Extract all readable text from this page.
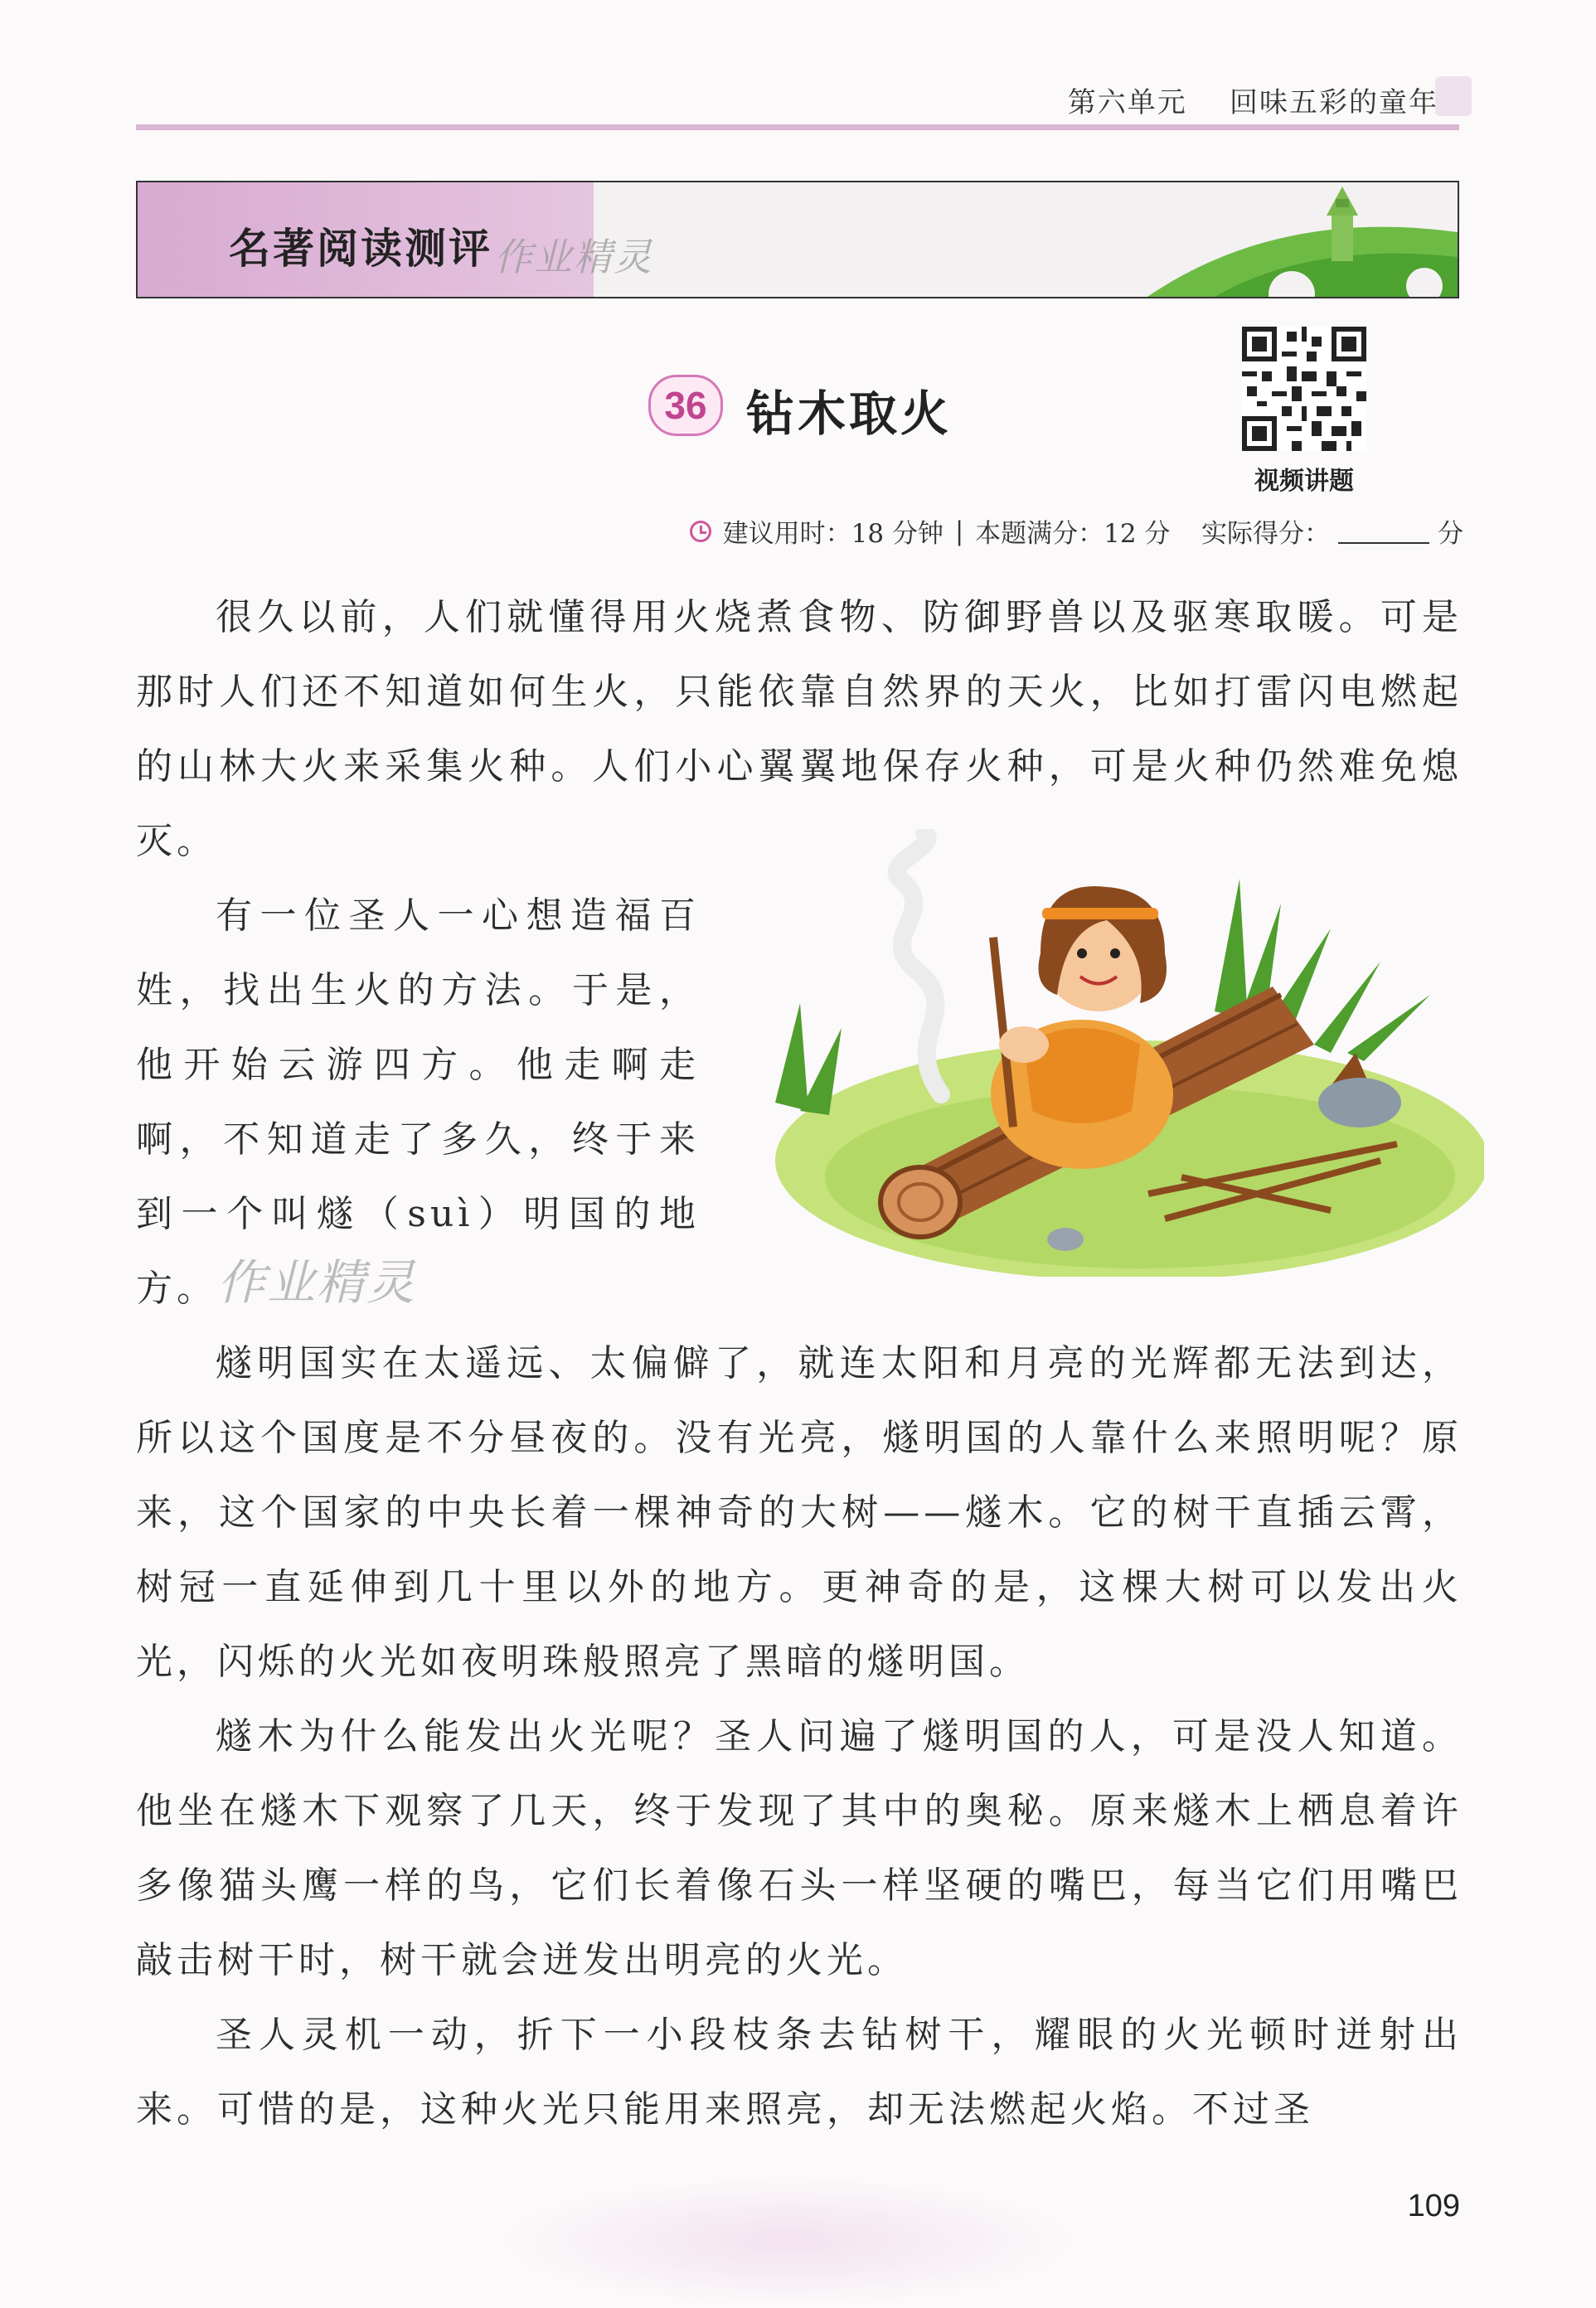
第六单元 回味五彩的童年
名著阅读测评 作业精灵
36 钻木取火
视频讲题
建议用时：18 分钟 | 本题满分：12 分
实际得分：	分

很久以前，人们就懂得用火烧煮食物、防御野兽以及驱寒取暖。可是那时人们还不知道如何生火，只能依靠自然界的天火，比如打雷闪电燃起的山林大火来采集火种。人们小心翼翼地保存火种，可是火种仍然难免熄灭。

有一位圣人一心想造福百姓，找出生火的方法。于是，他开始云游四方。他走啊走啊，不知道走了多久，终于来到一个叫燧（suì）明国的地方。 作业精灵

燧明国实在太遥远、太偏僻了，就连太阳和月亮的光辉都无法到达，所以这个国度是不分昼夜的。没有光亮，燧明国的人靠什么来照明呢？原来，这个国家的中央长着一棵神奇的大树——燧木。它的树干直插云霄，树冠一直延伸到几十里以外的地方。更神奇的是，这棵大树可以发出火光，闪烁的火光如夜明珠般照亮了黑暗的燧明国。

燧木为什么能发出火光呢？圣人问遍了燧明国的人，可是没人知道。他坐在燧木下观察了几天，终于发现了其中的奥秘。原来燧木上栖息着许多像猫头鹰一样的鸟，它们长着像石头一样坚硬的嘴巴，每当它们用嘴巴敲击树干时，树干就会迸发出明亮的火光。

圣人灵机一动，折下一小段枝条去钻树干，耀眼的火光顿时迸射出来。可惜的是，这种火光只能用来照亮，却无法燃起火焰。不过圣

109
